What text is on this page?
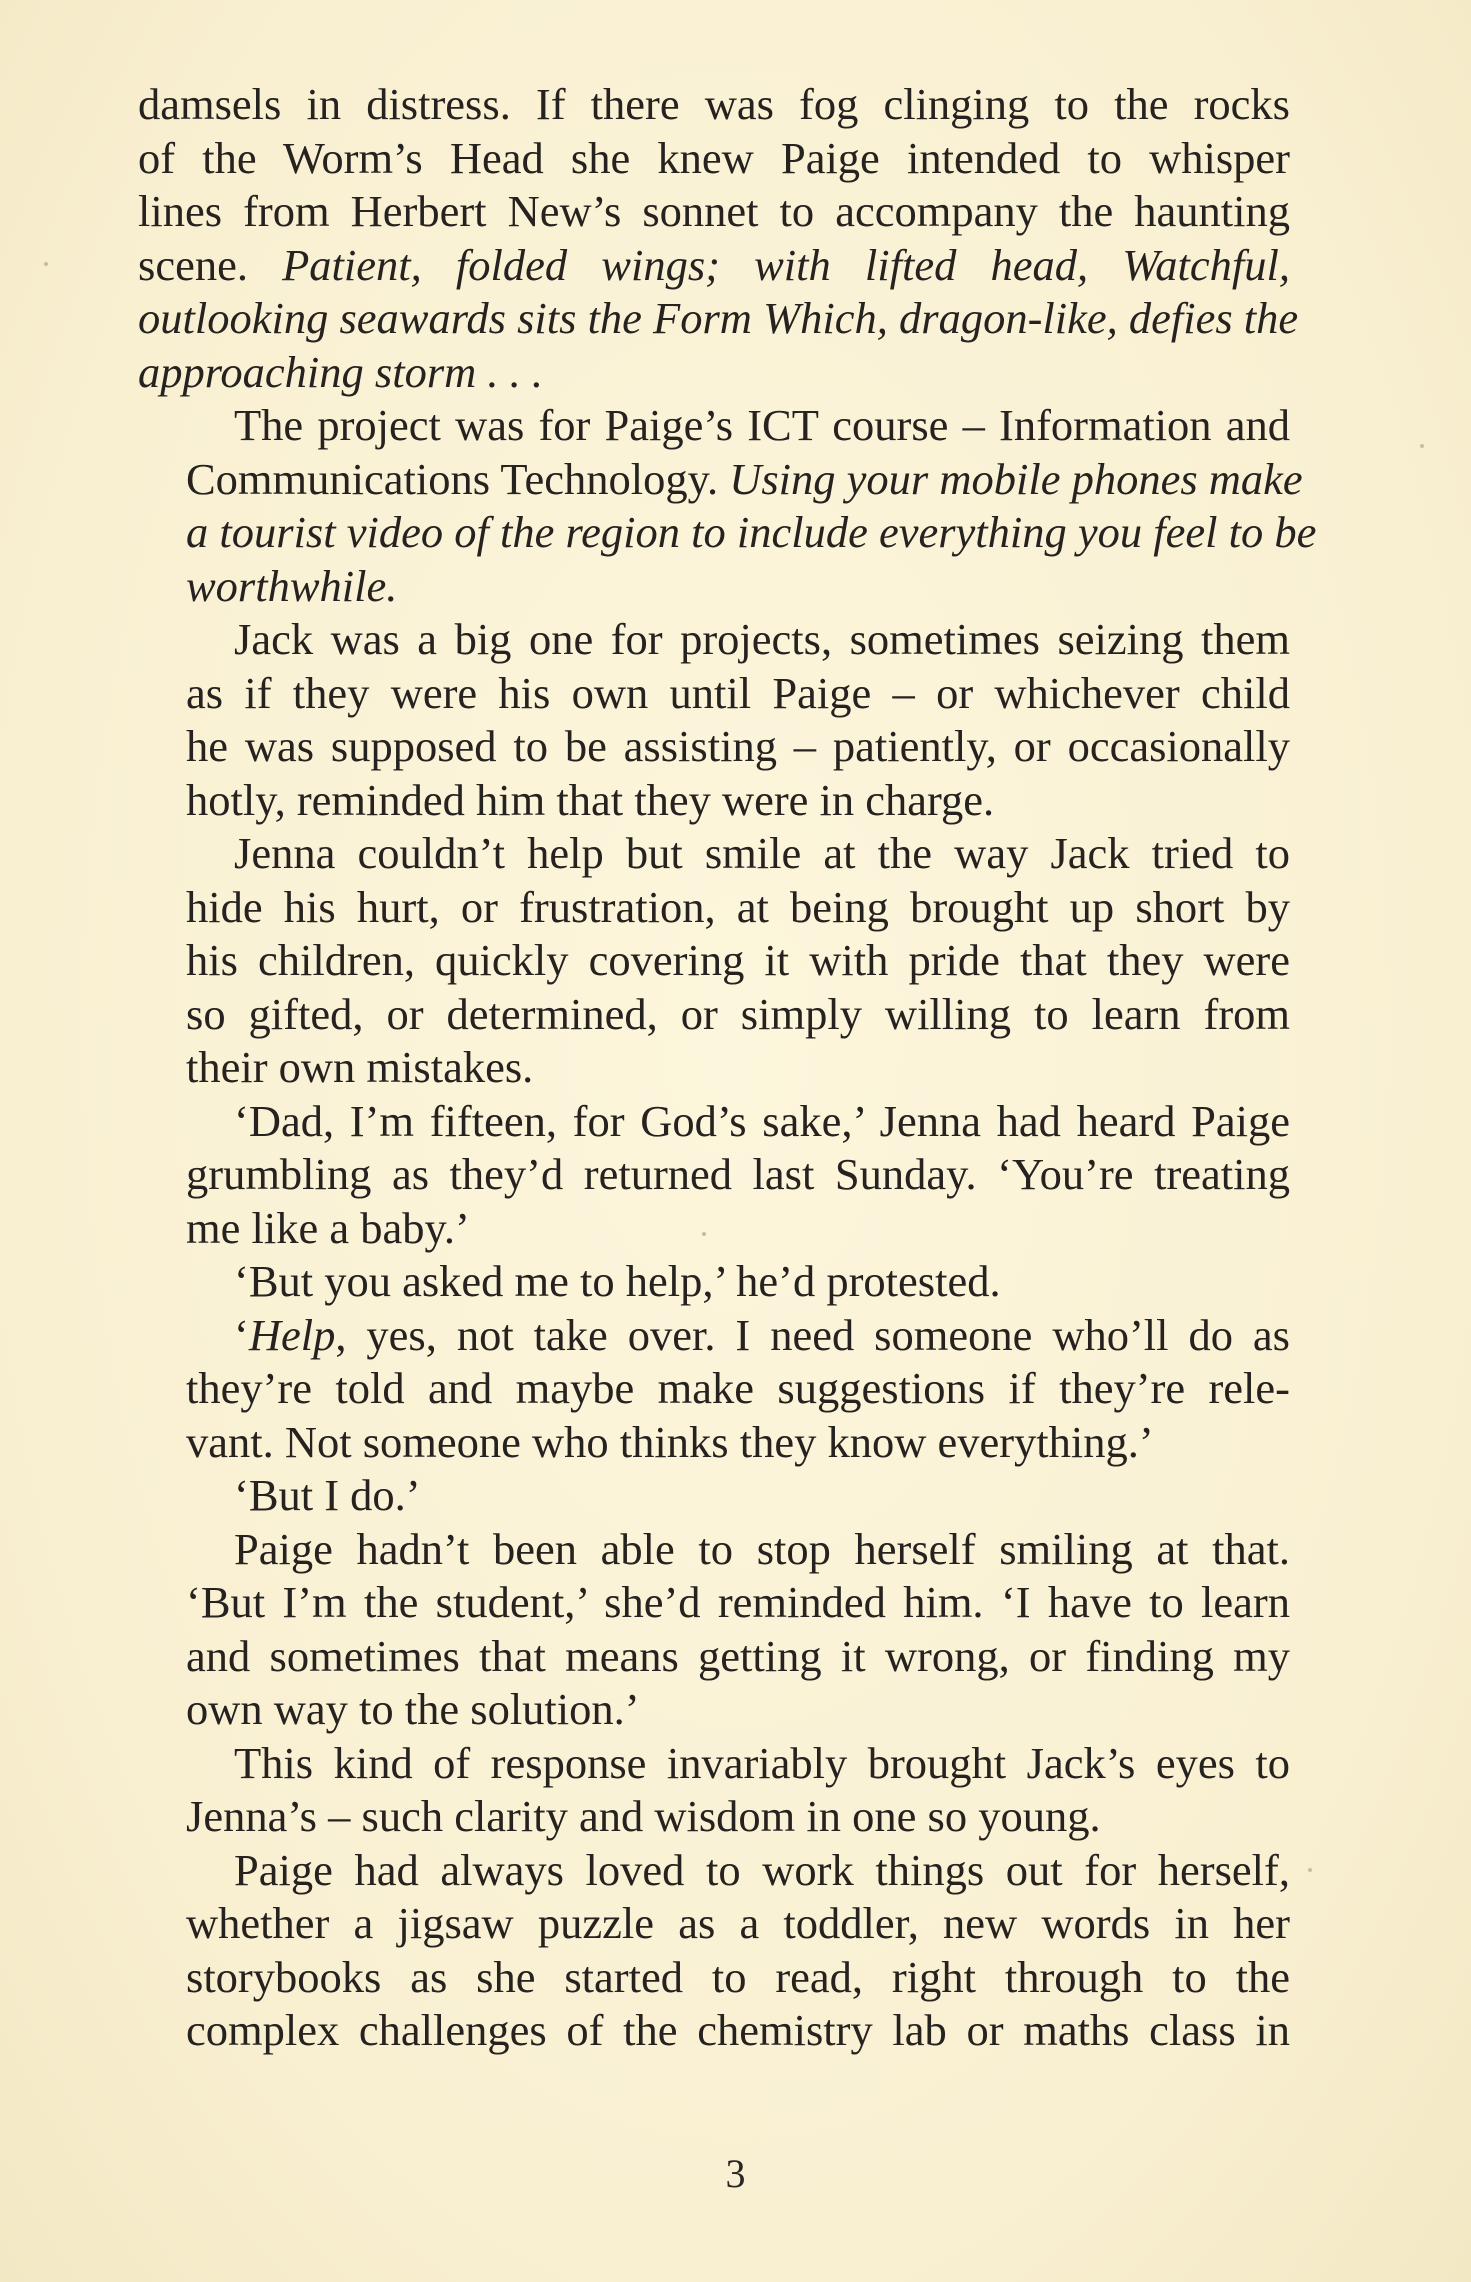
damsels in distress. If there was fog clinging to the rocks
of the Worm’s Head she knew Paige intended to whisper
lines from Herbert New’s sonnet to accompany the haunting
scene. Patient, folded wings; with lifted head, Watchful,
outlooking seawards sits the Form Which, dragon-like, defies the
approaching storm . . .
The project was for Paige’s ICT course – Information and
Communications Technology. Using your mobile phones make
a tourist video of the region to include everything you feel to be
worthwhile.
Jack was a big one for projects, sometimes seizing them
as if they were his own until Paige – or whichever child
he was supposed to be assisting – patiently, or occasionally
hotly, reminded him that they were in charge.
Jenna couldn’t help but smile at the way Jack tried to
hide his hurt, or frustration, at being brought up short by
his children, quickly covering it with pride that they were
so gifted, or determined, or simply willing to learn from
their own mistakes.
‘Dad, I’m fifteen, for God’s sake,’ Jenna had heard Paige
grumbling as they’d returned last Sunday. ‘You’re treating
me like a baby.’
‘But you asked me to help,’ he’d protested.
‘Help, yes, not take over. I need someone who’ll do as
they’re told and maybe make suggestions if they’re rele-
vant. Not someone who thinks they know everything.’
‘But I do.’
Paige hadn’t been able to stop herself smiling at that.
‘But I’m the student,’ she’d reminded him. ‘I have to learn
and sometimes that means getting it wrong, or finding my
own way to the solution.’
This kind of response invariably brought Jack’s eyes to
Jenna’s – such clarity and wisdom in one so young.
Paige had always loved to work things out for herself,
whether a jigsaw puzzle as a toddler, new words in her
storybooks as she started to read, right through to the
complex challenges of the chemistry lab or maths class in
3
